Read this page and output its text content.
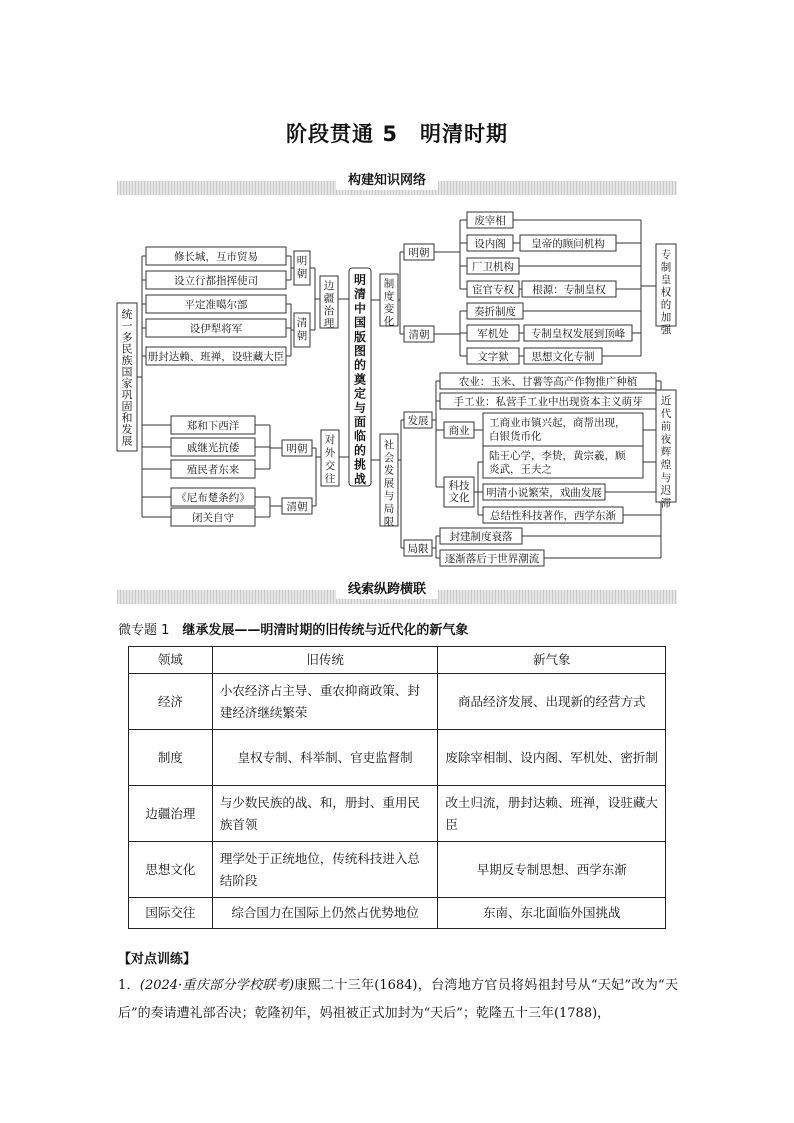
阶段贯通 5　明清时期
构建知识网络
统一多民族国家巩固和发展
修长城，互市贸易
设立行都指挥使司
平定准噶尔部
设伊犁将军
册封达赖、班禅，设驻藏大臣
明朝
清朝
边疆治理
郑和下西洋
戚继光抗倭
殖民者东来
《尼布楚条约》
闭关自守
明朝
清朝
对外交往
明清中国版图的奠定与面临的挑战
制度变化
明朝
清朝
废宰相
设内阁
厂卫机构
宦官专权
皇帝的顾问机构
根源：专制皇权
奏折制度
军机处
文字狱
专制皇权发展到顶峰
思想文化专制
专制皇权的加强
社会发展与局限
发展
局限
农业：玉米、甘薯等高产作物推广种植
手工业：私营手工业中出现资本主义萌芽
商业
工商业市镇兴起，商帮出现，白银货币化
科技文化
陆王心学，李贽，黄宗羲，顾炎武，王夫之
明清小说繁荣，戏曲发展
总结性科技著作，西学东渐
封建制度衰落
逐渐落后于世界潮流
近代前夜辉煌与迟滞
线索纵跨横联
微专题 1　 继承发展——明清时期的旧传统与近代化的新气象
领域	旧传统	新气象
经济	小农经济占主导、重农抑商政策、封建经济继续繁荣	商品经济发展、出现新的经营方式
制度	皇权专制、科举制、官吏监督制	废除宰相制、设内阁、军机处、密折制
边疆治理	与少数民族的战、和，册封、重用民族首领	改土归流，册封达赖、班禅，设驻藏大臣
思想文化	理学处于正统地位，传统科技进入总结阶段	早期反专制思想、西学东渐
国际交往	综合国力在国际上仍然占优势地位	东南、东北面临外国挑战
【对点训练】
1．(2024·重庆部分学校联考)康熙二十三年(1684)，台湾地方官员将妈祖封号从“天妃”改为“天后”的奏请遭礼部否决；乾隆初年，妈祖被正式加封为“天后”；乾隆五十三年(1788)，
